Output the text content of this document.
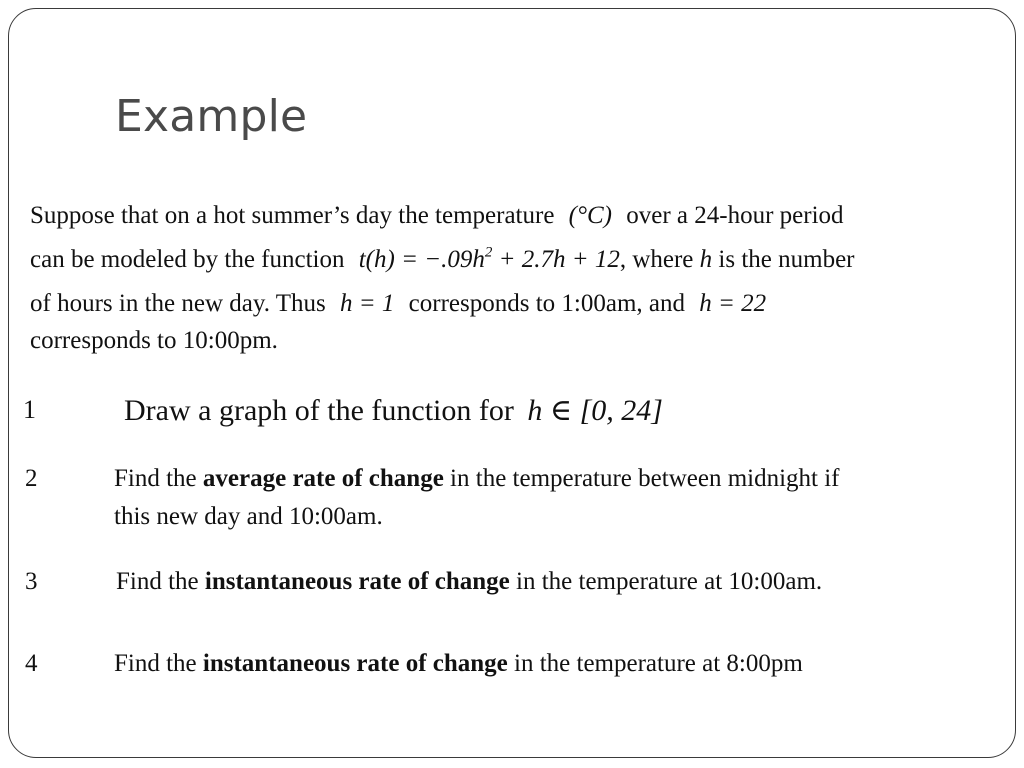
Example
Suppose that on a hot summer’s day the temperature (°C) over a 24-hour period
can be modeled by the function $t(h) = -.09h^2 + 2.7h + 12$, where h is the number
of hours in the new day. Thus h = 1 corresponds to 1:00am, and h = 22
corresponds to 10:00pm.
1	Draw a graph of the function for h ∈ [0, 24]
2	Find the average rate of change in the temperature between midnight if
this new day and 10:00am.
3	Find the instantaneous rate of change in the temperature at 10:00am.
4	Find the instantaneous rate of change in the temperature at 8:00pm
